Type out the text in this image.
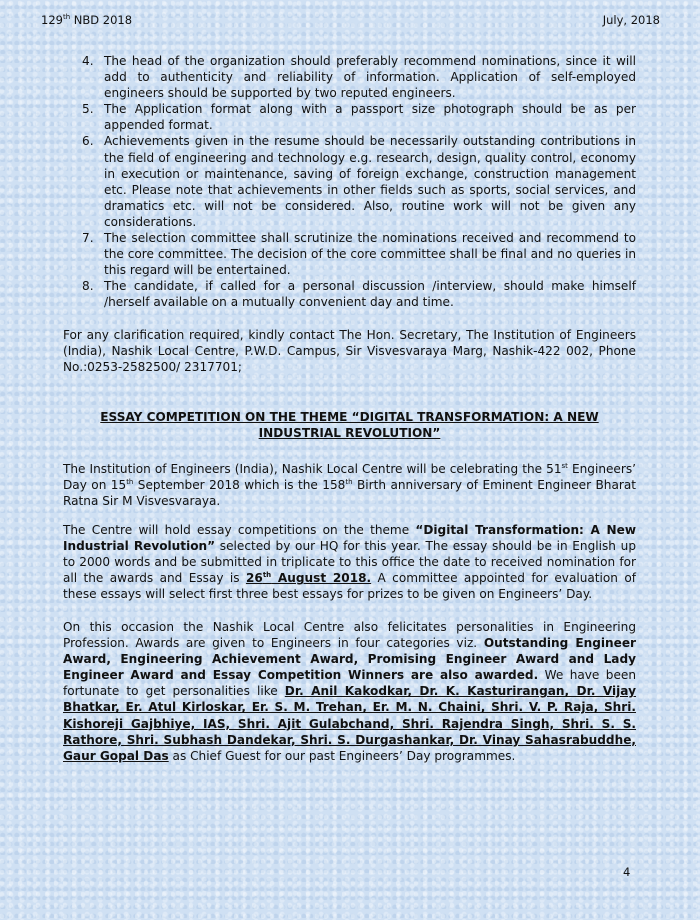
129th NBD 2018	July, 2018
4. The head of the organization should preferably recommend nominations, since it will add to authenticity and reliability of information. Application of self-employed engineers should be supported by two reputed engineers.
5. The Application format along with a passport size photograph should be as per appended format.
6. Achievements given in the resume should be necessarily outstanding contributions in the field of engineering and technology e.g. research, design, quality control, economy in execution or maintenance, saving of foreign exchange, construction management etc. Please note that achievements in other fields such as sports, social services, and dramatics etc. will not be considered. Also, routine work will not be given any considerations.
7. The selection committee shall scrutinize the nominations received and recommend to the core committee. The decision of the core committee shall be final and no queries in this regard will be entertained.
8. The candidate, if called for a personal discussion /interview, should make himself /herself available on a mutually convenient day and time.

For any clarification required, kindly contact The Hon. Secretary, The Institution of Engineers (India), Nashik Local Centre, P.W.D. Campus, Sir Visvesvaraya Marg, Nashik-422 002, Phone No.:0253-2582500/ 2317701;

ESSAY COMPETITION ON THE THEME “DIGITAL TRANSFORMATION: A NEW
INDUSTRIAL REVOLUTION”

The Institution of Engineers (India), Nashik Local Centre will be celebrating the 51st Engineers’ Day on 15th September 2018 which is the 158th Birth anniversary of Eminent Engineer Bharat Ratna Sir M Visvesvaraya.

The Centre will hold essay competitions on the theme “Digital Transformation: A New Industrial Revolution” selected by our HQ for this year. The essay should be in English up to 2000 words and be submitted in triplicate to this office the date to received nomination for all the awards and Essay is 26th August 2018. A committee appointed for evaluation of these essays will select first three best essays for prizes to be given on Engineers’ Day.

On this occasion the Nashik Local Centre also felicitates personalities in Engineering Profession. Awards are given to Engineers in four categories viz. Outstanding Engineer Award, Engineering Achievement Award, Promising Engineer Award and Lady Engineer Award and Essay Competition Winners are also awarded. We have been fortunate to get personalities like Dr. Anil Kakodkar, Dr. K. Kasturirangan, Dr. Vijay Bhatkar, Er. Atul Kirloskar, Er. S. M. Trehan, Er. M. N. Chaini, Shri. V. P. Raja, Shri. Kishoreji Gajbhiye, IAS, Shri. Ajit Gulabchand, Shri. Rajendra Singh, Shri. S. S. Rathore, Shri. Subhash Dandekar, Shri. S. Durgashankar, Dr. Vinay Sahasrabuddhe, Gaur Gopal Das as Chief Guest for our past Engineers’ Day programmes.

4
